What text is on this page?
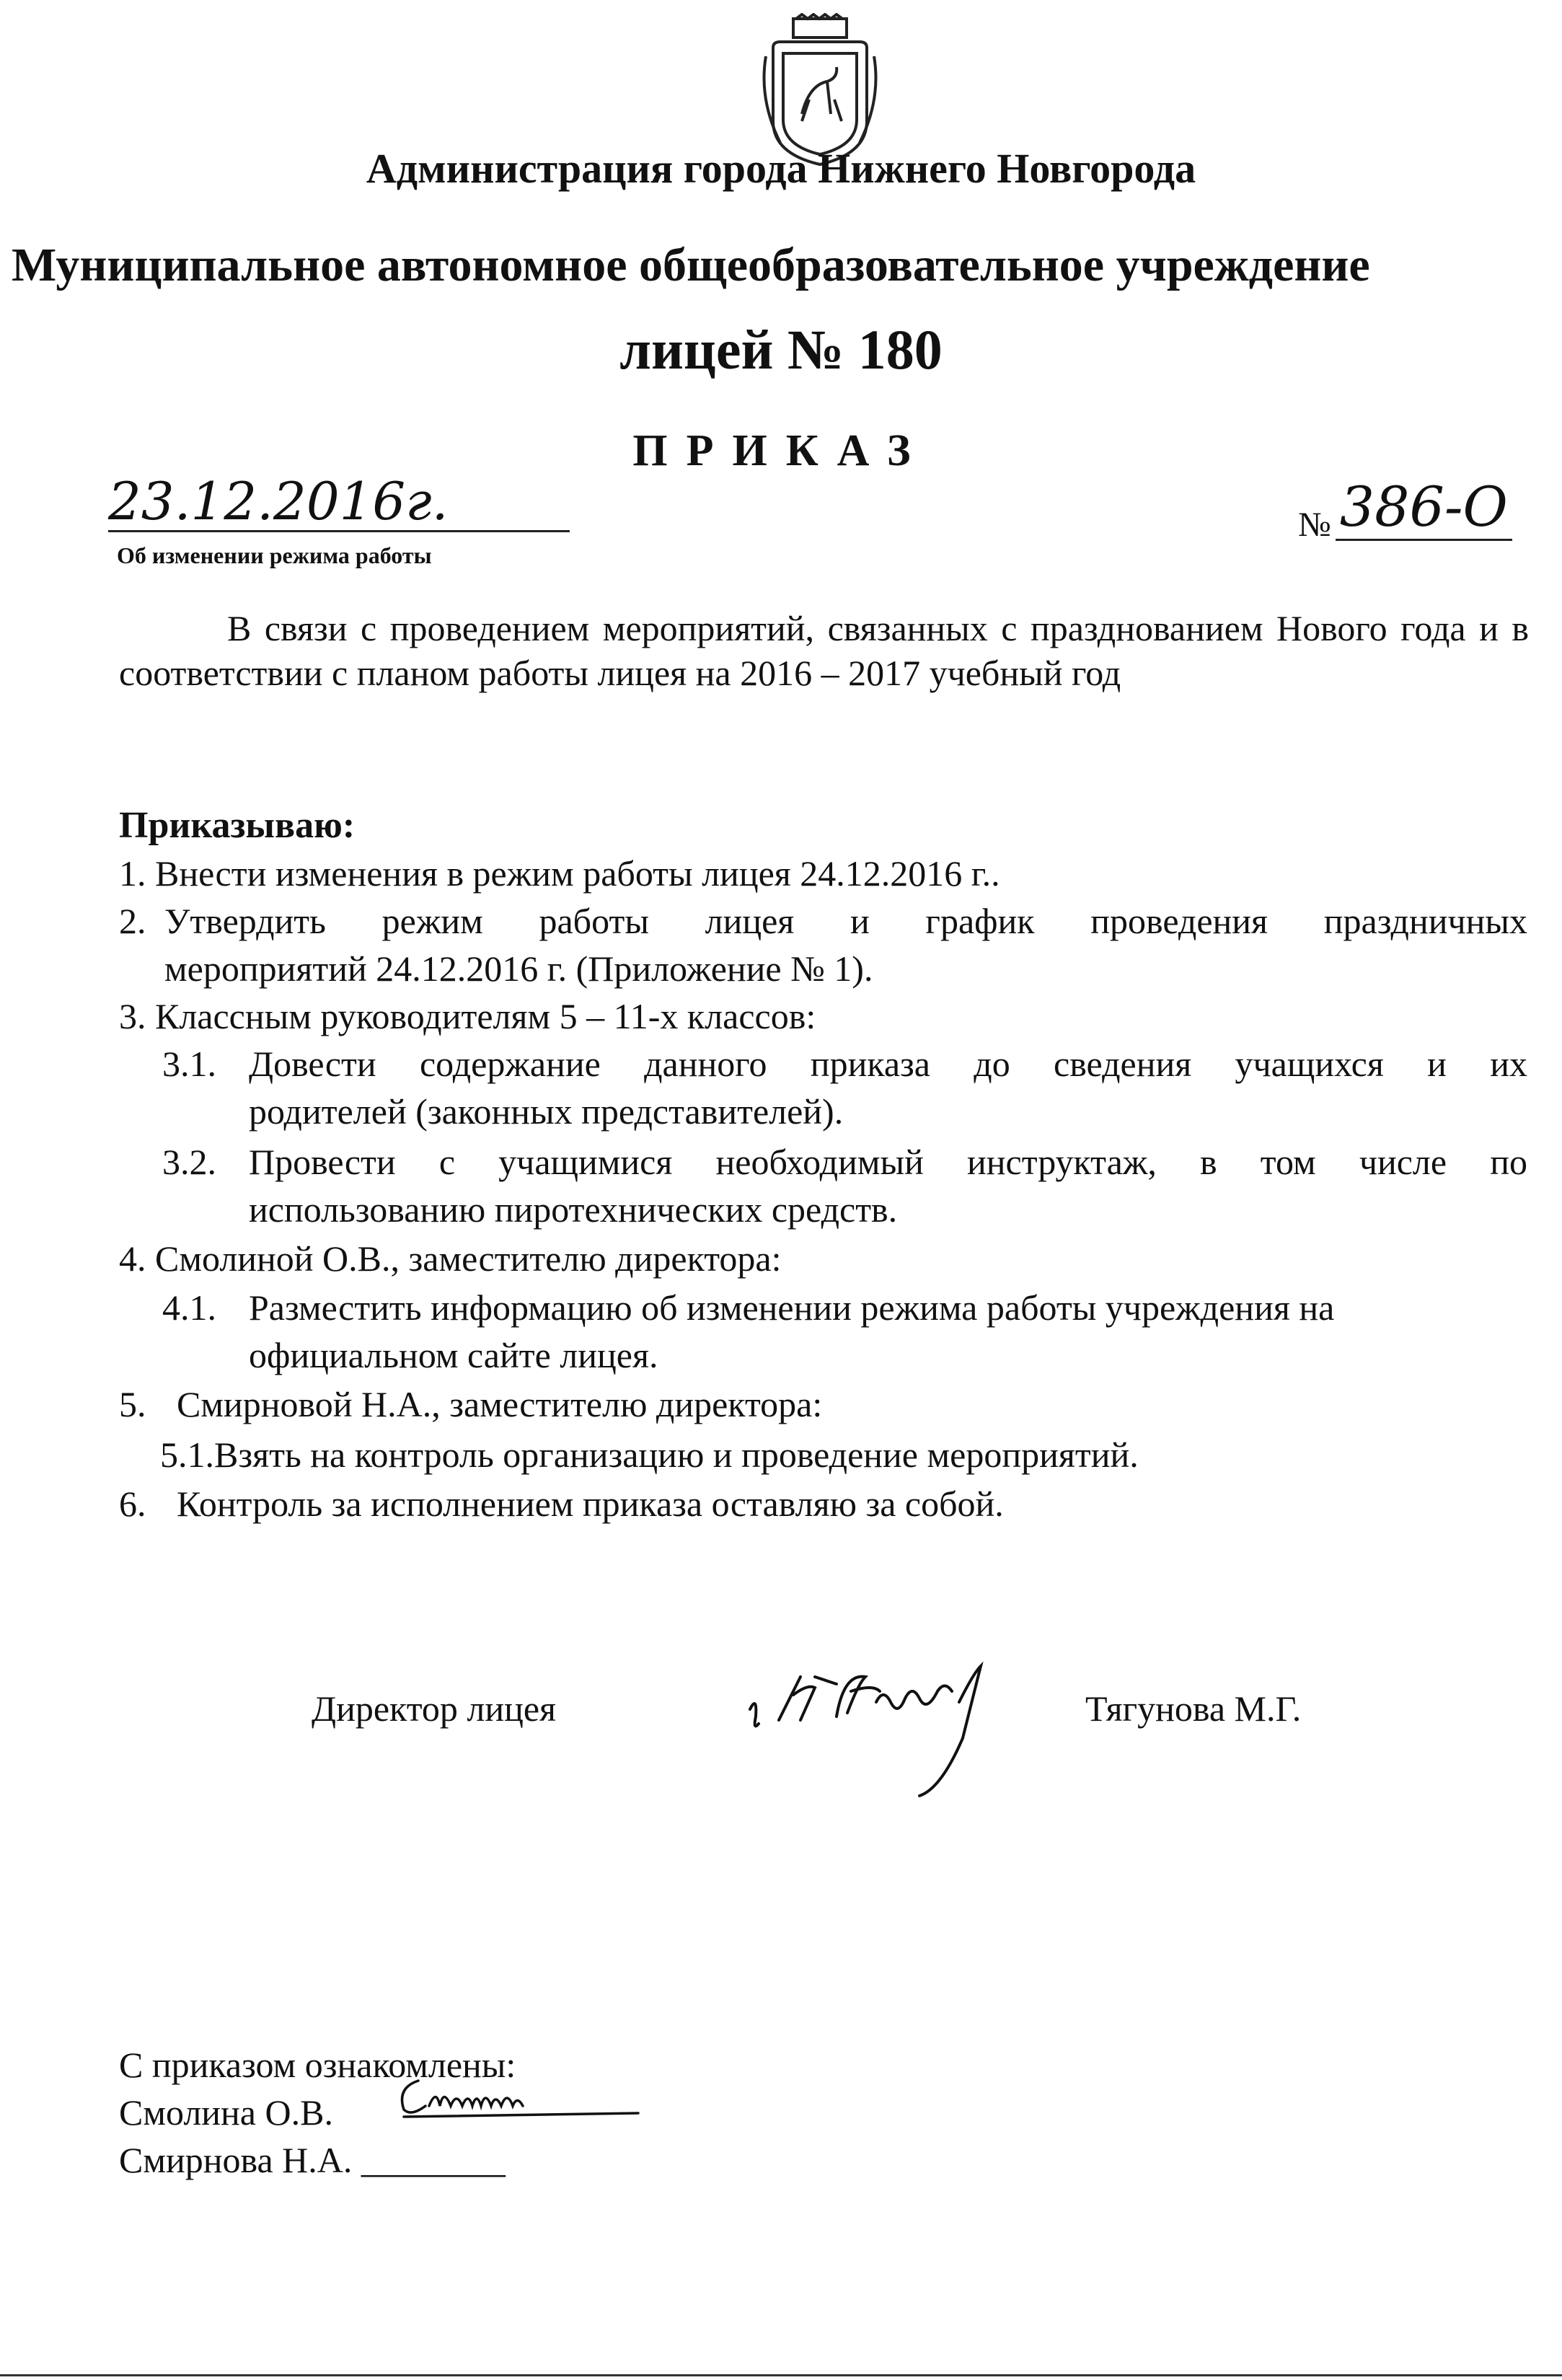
Администрация города Нижнего Новгорода
Муниципальное автономное общеобразовательное учреждение
лицей № 180
ПРИКАЗ
23.12.2016г.
Об изменении режима работы
№ 386-О
В связи с проведением мероприятий, связанных с празднованием Нового года и в соответствии с планом работы лицея на 2016 – 2017 учебный год
Приказываю:
1. Внести изменения в режим работы лицея 24.12.2016 г..
2. Утвердить режим работы лицея и график проведения праздничных
мероприятий 24.12.2016 г. (Приложение № 1).
3. Классным руководителям 5 – 11-х классов:
3.1. Довести содержание данного приказа до сведения учащихся и их
родителей (законных представителей).
3.2. Провести с учащимися необходимый инструктаж, в том числе по
использованию пиротехнических средств.
4. Смолиной О.В., заместителю директора:
4.1. Разместить информацию об изменении режима работы учреждения на
официальном сайте лицея.
5. Смирновой Н.А., заместителю директора:
5.1.Взять на контроль организацию и проведение мероприятий.
6. Контроль за исполнением приказа оставляю за собой.
Директор лицея	Тягунова М.Г.
С приказом ознакомлены:
Смолина О.В.
Смирнова Н.А. ________
